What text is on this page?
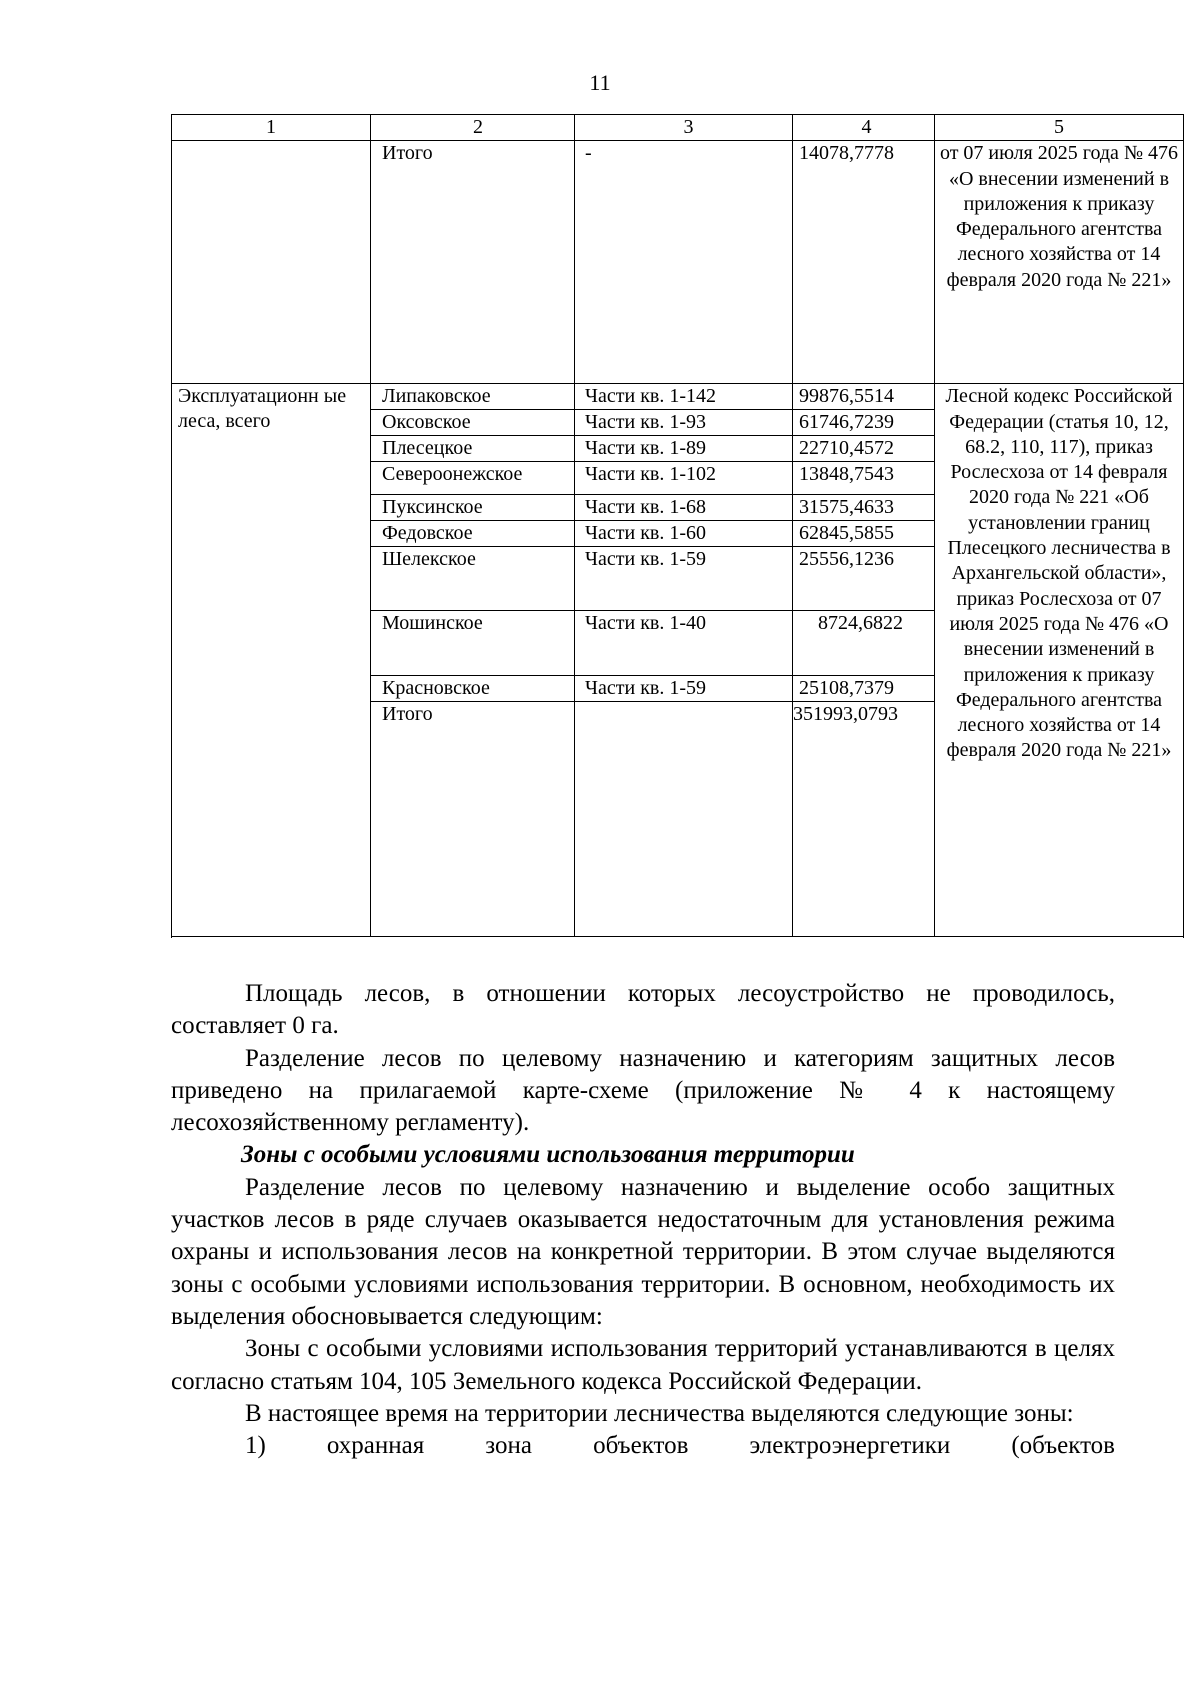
11
1	2	3	4	5
	Итого	-	14078,7778	от 07 июля 2025 года № 476 «О внесении изменений в приложения к приказу Федерального агентства лесного хозяйства от 14 февраля 2020 года № 221»
Эксплуатационн ые леса, всего	Липаковское	Части кв. 1-142	99876,5514	Лесной кодекс Российской Федерации (статья 10, 12, 68.2, 110, 117), приказ Рослесхоза от 14 февраля 2020 года № 221 «Об установлении границ Плесецкого лесничества в Архангельской области», приказ Рослесхоза от 07 июля 2025 года № 476 «О внесении изменений в приложения к приказу Федерального агентства лесного хозяйства от 14 февраля 2020 года № 221»
	Оксовское	Части кв. 1-93	61746,7239	
	Плесецкое	Части кв. 1-89	22710,4572	
	Североонежское	Части кв. 1-102	13848,7543	
	Пуксинское	Части кв. 1-68	31575,4633	
	Федовское	Части кв. 1-60	62845,5855	
	Шелекское	Части кв. 1-59	25556,1236	
	Мошинское	Части кв. 1-40	8724,6822	
	Красновское	Части кв. 1-59	25108,7379	
	Итого		351993,0793	

Площадь лесов, в отношении которых лесоустройство не проводилось, составляет 0 га.

Разделение лесов по целевому назначению и категориям защитных лесов приведено на прилагаемой карте-схеме (приложение № 4 к настоящему лесохозяйственному регламенту).

Зоны с особыми условиями использования территории

Разделение лесов по целевому назначению и выделение особо защитных участков лесов в ряде случаев оказывается недостаточным для установления режима охраны и использования лесов на конкретной территории. В этом случае выделяются зоны с особыми условиями использования территории. В основном, необходимость их выделения обосновывается следующим:

Зоны с особыми условиями использования территорий устанавливаются в целях согласно статьям 104, 105 Земельного кодекса Российской Федерации.

В настоящее время на территории лесничества выделяются следующие зоны:

1) охранная зона объектов электроэнергетики (объектов
